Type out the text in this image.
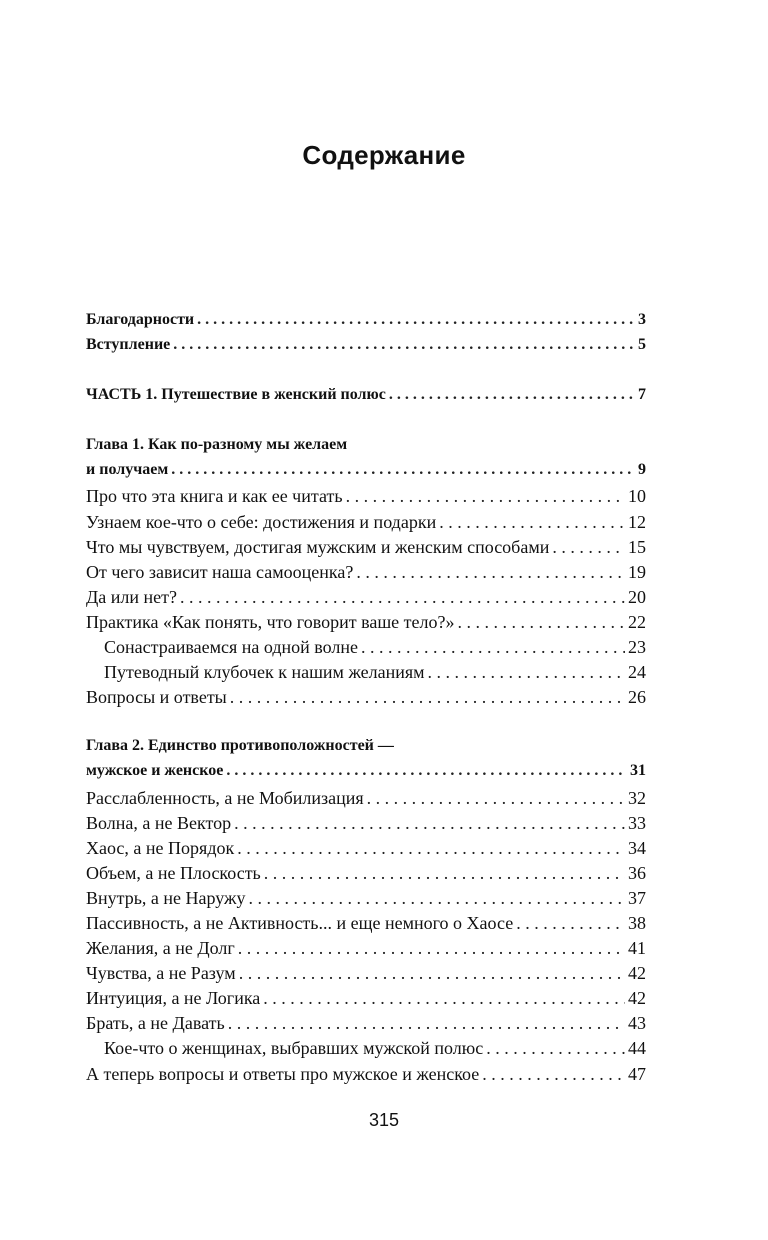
Содержание
Благодарности . . .	3
Вступление . . .	5
ЧАСТЬ 1. Путешествие в женский полюс . . .	7
Глава 1. Как по-разному мы желаем
и получаем . . .	9
Про что эта книга и как ее читать . . .	10
Узнаем кое-что о себе: достижения и подарки . . .	12
Что мы чувствуем, достигая мужским и женским способами . . .	15
От чего зависит наша самооценка? . . .	19
Да или нет? . . .	20
Практика «Как понять, что говорит ваше тело?» . . .	22
Сонастраиваемся на одной волне . . .	23
Путеводный клубочек к нашим желаниям . . .	24
Вопросы и ответы . . .	26
Глава 2. Единство противоположностей —
мужское и женское . . .	31
Расслабленность, а не Мобилизация . . .	32
Волна, а не Вектор . . .	33
Хаос, а не Порядок . . .	34
Объем, а не Плоскость . . .	36
Внутрь, а не Наружу . . .	37
Пассивность, а не Активность... и еще немного о Хаосе . . .	38
Желания, а не Долг . . .	41
Чувства, а не Разум . . .	42
Интуиция, а не Логика . . .	42
Брать, а не Давать . . .	43
Кое-что о женщинах, выбравших мужской полюс . . .	44
А теперь вопросы и ответы про мужское и женское . . .	47
315
